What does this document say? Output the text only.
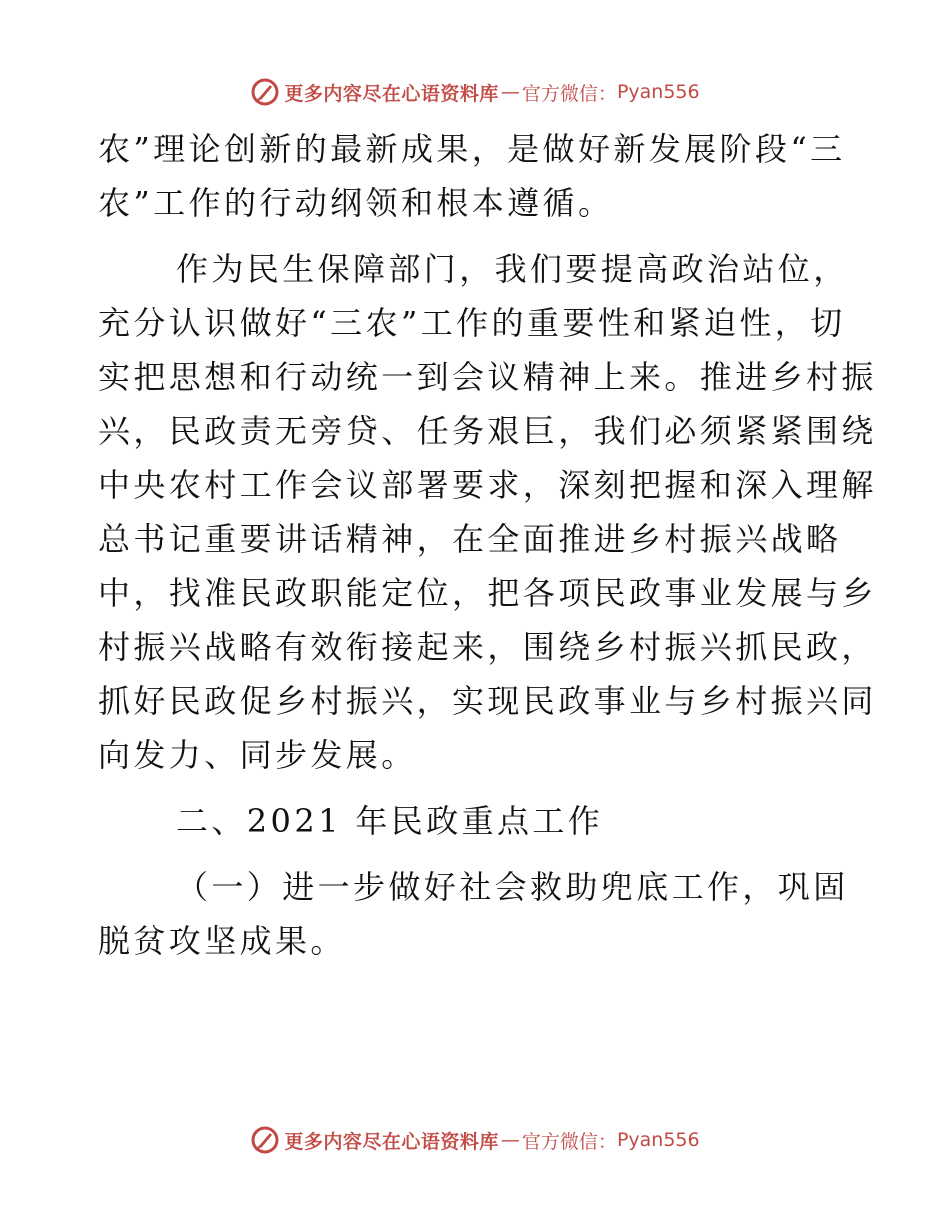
更多内容尽在心语资料库 — 官方微信： Pyan556
农”理论创新的最新成果，是做好新发展阶段“三
农”工作的行动纲领和根本遵循。
作为民生保障部门，我们要提高政治站位，
充分认识做好“三农”工作的重要性和紧迫性，切
实把思想和行动统一到会议精神上来。推进乡村振
兴，民政责无旁贷、任务艰巨，我们必须紧紧围绕
中央农村工作会议部署要求，深刻把握和深入理解
总书记重要讲话精神，在全面推进乡村振兴战略
中，找准民政职能定位，把各项民政事业发展与乡
村振兴战略有效衔接起来，围绕乡村振兴抓民政，
抓好民政促乡村振兴，实现民政事业与乡村振兴同
向发力、同步发展。
二、2021 年民政重点工作
（一）进一步做好社会救助兜底工作，巩固
脱贫攻坚成果。
更多内容尽在心语资料库 — 官方微信： Pyan556
